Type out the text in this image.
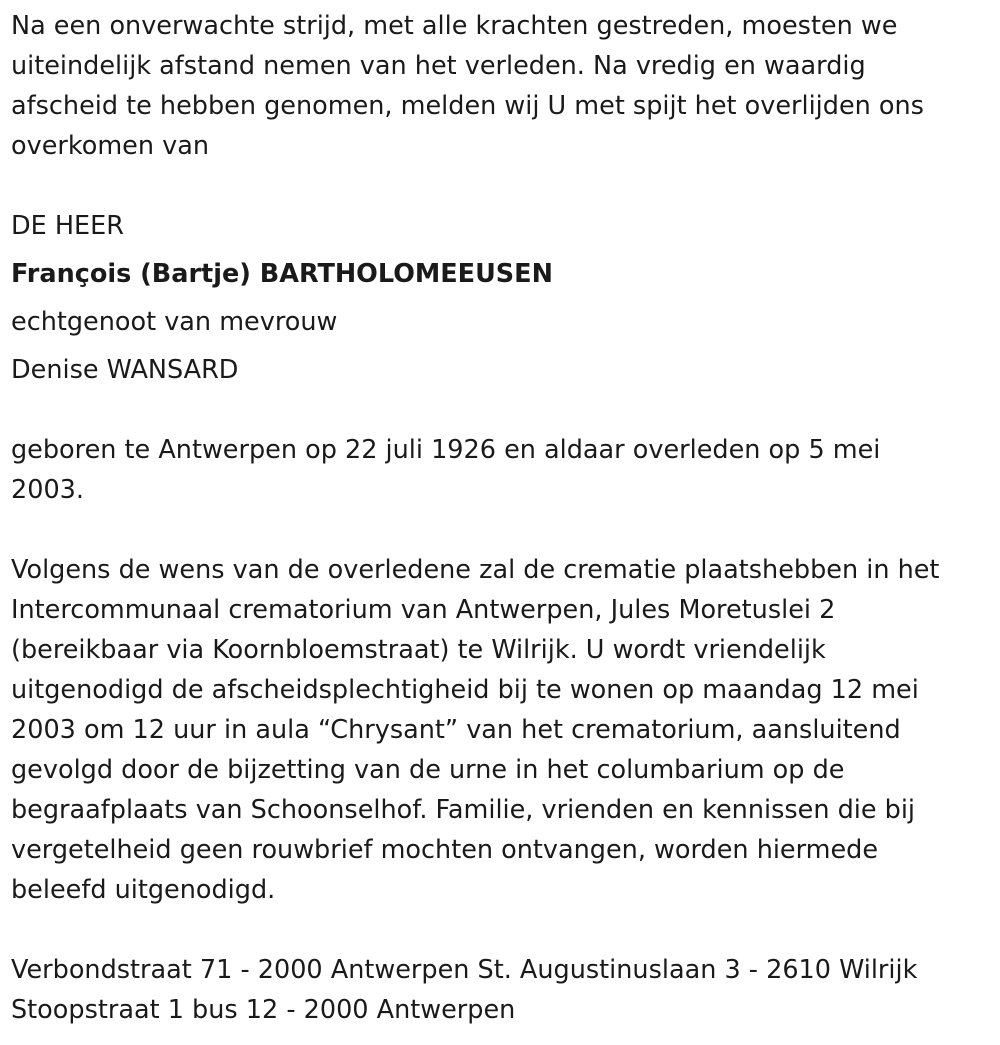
Na een onverwachte strijd, met alle krachten gestreden, moesten we

uiteindelijk afstand nemen van het verleden. Na vredig en waardig

afscheid te hebben genomen, melden wij U met spijt het overlijden ons

overkomen van

DE HEER

François (Bartje) BARTHOLOMEEUSEN

echtgenoot van mevrouw

Denise WANSARD

geboren te Antwerpen op 22 juli 1926 en aldaar overleden op 5 mei

2003.

Volgens de wens van de overledene zal de crematie plaatshebben in het

Intercommunaal crematorium van Antwerpen, Jules Moretuslei 2

(bereikbaar via Koornbloemstraat) te Wilrijk. U wordt vriendelijk

uitgenodigd de afscheidsplechtigheid bij te wonen op maandag 12 mei

2003 om 12 uur in aula “Chrysant” van het crematorium, aansluitend

gevolgd door de bijzetting van de urne in het columbarium op de

begraafplaats van Schoonselhof. Familie, vrienden en kennissen die bij

vergetelheid geen rouwbrief mochten ontvangen, worden hiermede

beleefd uitgenodigd.

Verbondstraat 71 - 2000 Antwerpen St. Augustinuslaan 3 - 2610 Wilrijk

Stoopstraat 1 bus 12 - 2000 Antwerpen
